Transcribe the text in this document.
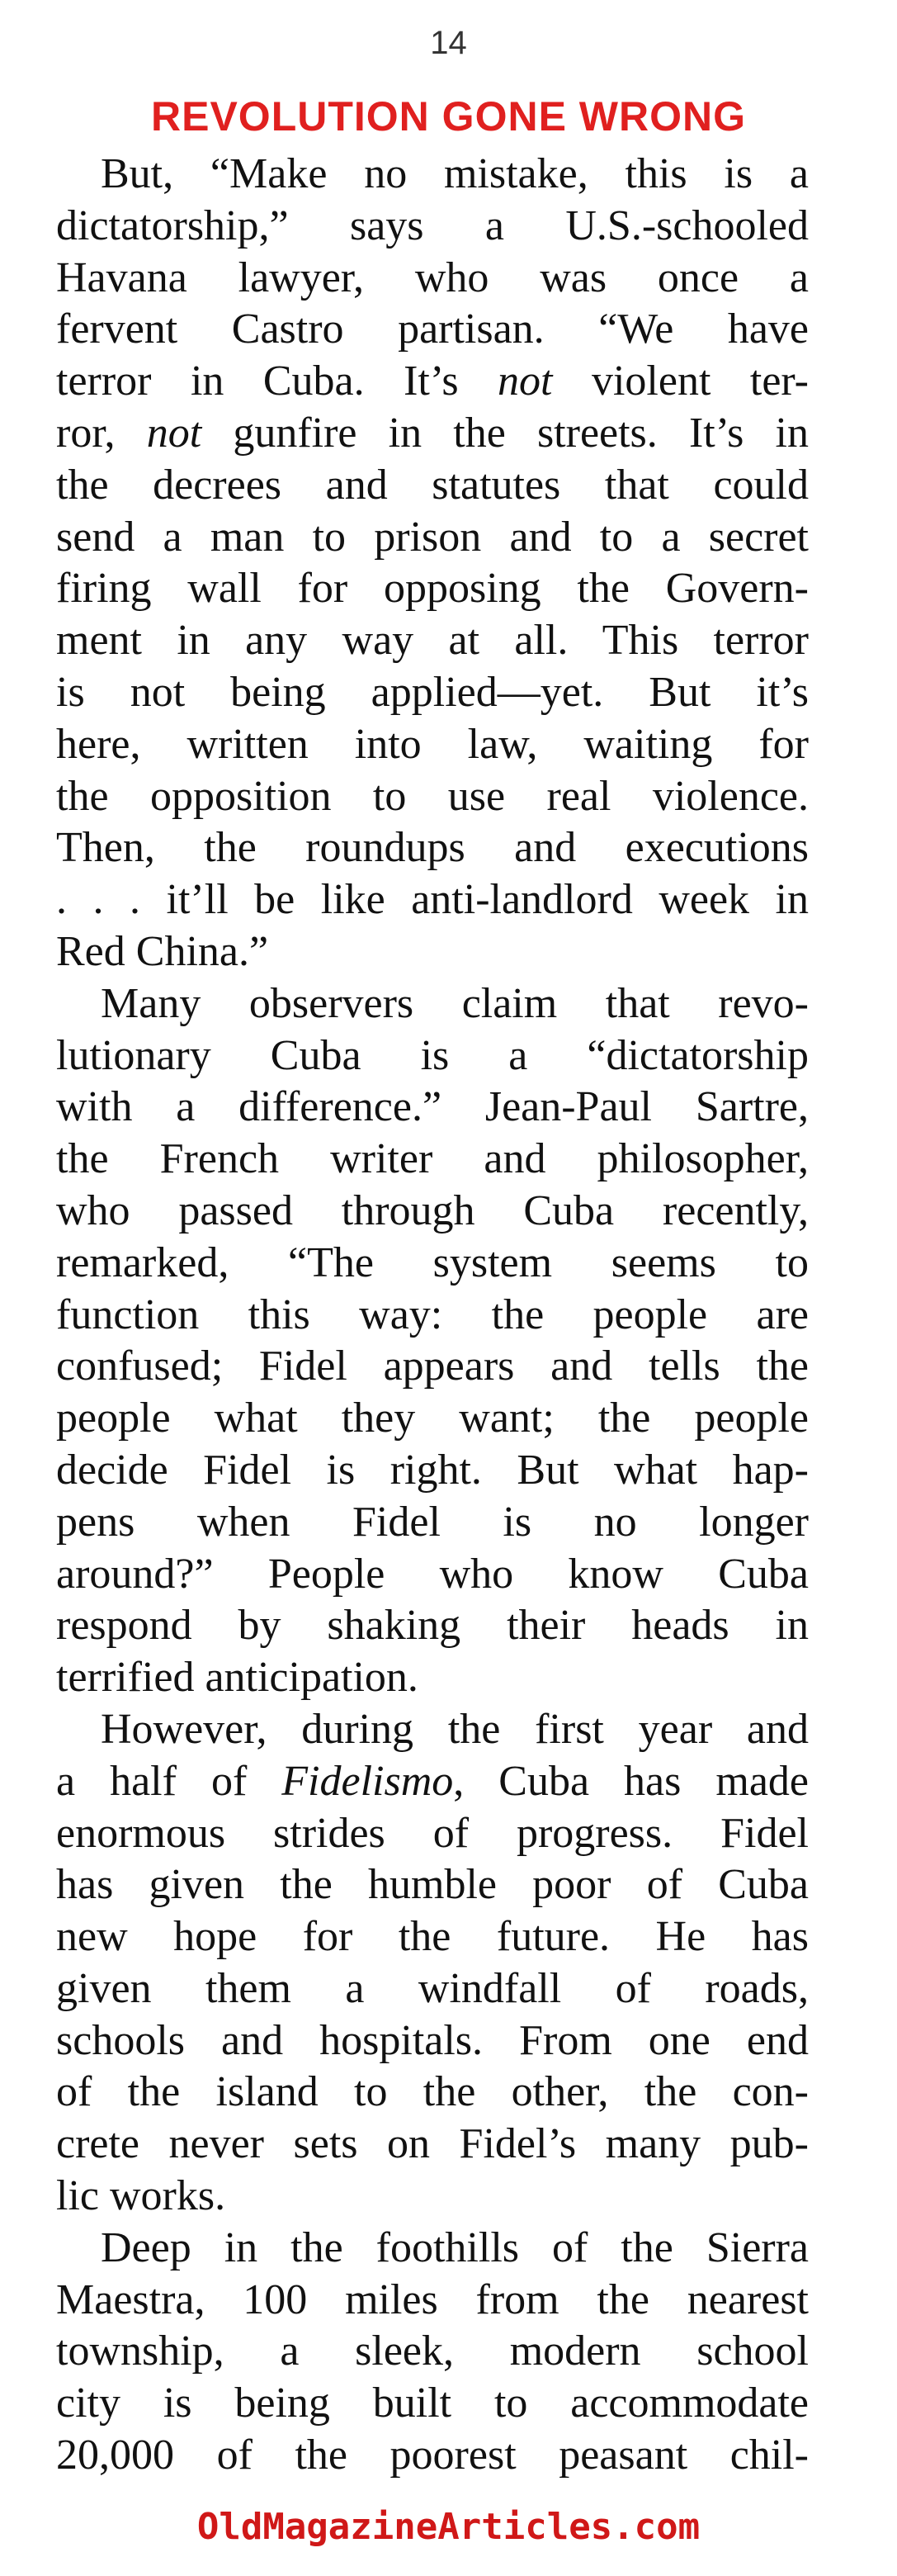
14
REVOLUTION GONE WRONG

But, “Make no mistake, this is a
dictatorship,” says a U.S.-schooled
Havana lawyer, who was once a
fervent Castro partisan. “We have
terror in Cuba. It’s not violent ter-
ror, not gunfire in the streets. It’s in
the decrees and statutes that could
send a man to prison and to a secret
firing wall for opposing the Govern-
ment in any way at all. This terror
is not being applied—yet. But it’s
here, written into law, waiting for
the opposition to use real violence.
Then, the roundups and executions
. . . it’ll be like anti-landlord week in
Red China.”

Many observers claim that revo-
lutionary Cuba is a “dictatorship
with a difference.” Jean-Paul Sartre,
the French writer and philosopher,
who passed through Cuba recently,
remarked, “The system seems to
function this way: the people are
confused; Fidel appears and tells the
people what they want; the people
decide Fidel is right. But what hap-
pens when Fidel is no longer
around?” People who know Cuba
respond by shaking their heads in
terrified anticipation.

However, during the first year and
a half of Fidelismo, Cuba has made
enormous strides of progress. Fidel
has given the humble poor of Cuba
new hope for the future. He has
given them a windfall of roads,
schools and hospitals. From one end
of the island to the other, the con-
crete never sets on Fidel’s many pub-
lic works.

Deep in the foothills of the Sierra
Maestra, 100 miles from the nearest
township, a sleek, modern school
city is being built to accommodate
20,000 of the poorest peasant chil-

OldMagazineArticles.com
